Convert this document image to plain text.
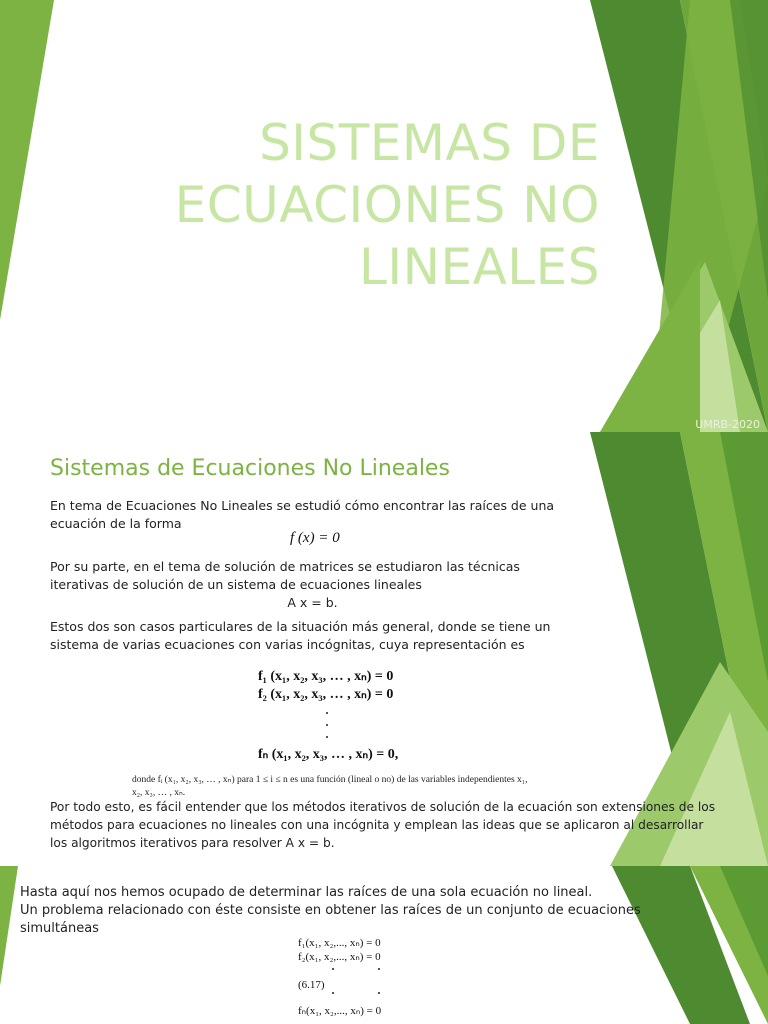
SISTEMAS DE
ECUACIONES NO
LINEALES
UMRB-2020
Sistemas de Ecuaciones No Lineales

En tema de Ecuaciones No Lineales se estudió cómo encontrar las raíces de una

ecuación de la forma

f (x) = 0

Por su parte, en el tema de solución de matrices se estudiaron las técnicas

iterativas de solución de un sistema de ecuaciones lineales

A x = b.

Estos dos son casos particulares de la situación más general, donde se tiene un

sistema de varias ecuaciones con varias incógnitas, cuya representación es

f₁ (x₁, x₂, x₃, … , xₙ) = 0
f₂ (x₁, x₂, x₃, … , xₙ) = 0
fₙ (x₁, x₂, x₃, … , xₙ) = 0,
donde fᵢ (x₁, x₂, x₃, … , xₙ) para 1 ≤ i ≤ n es una función (lineal o no) de las variables independientes x₁,
x₂, x₃, … , xₙ.

Por todo esto, es fácil entender que los métodos iterativos de solución de la ecuación son extensiones de los

métodos para ecuaciones no lineales con una incógnita y emplean las ideas que se aplicaron al desarrollar

los algoritmos iterativos para resolver A x = b.

Hasta aquí nos hemos ocupado de determinar las raíces de una sola ecuación no lineal.

Un problema relacionado con éste consiste en obtener las raíces de un conjunto de ecuaciones

simultáneas

f₁(x₁, x₂,..., xₙ) = 0
f₂(x₁, x₂,..., xₙ) = 0
(6.17)
fₙ(x₁, x₂,..., xₙ) = 0
